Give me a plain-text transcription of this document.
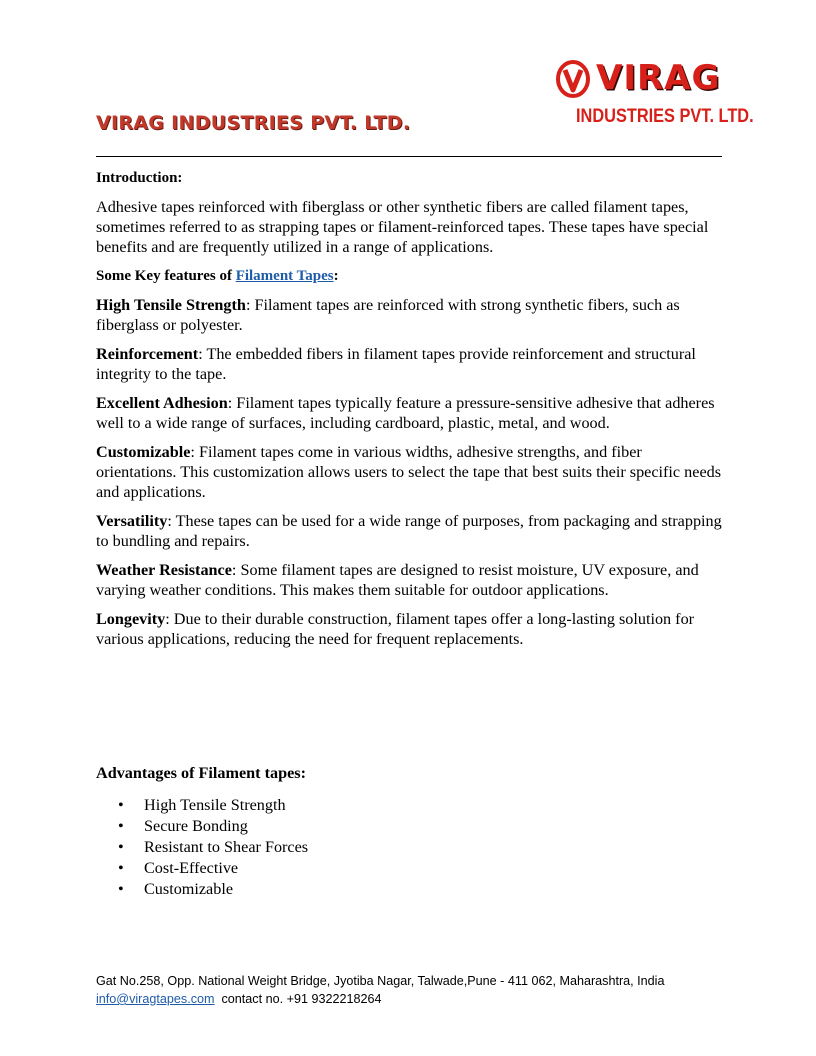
VIRAG INDUSTRIES PVT. LTD.
VIRAG
INDUSTRIES PVT. LTD.

Introduction:

Adhesive tapes reinforced with fiberglass or other synthetic fibers are called filament tapes, sometimes referred to as strapping tapes or filament-reinforced tapes. These tapes have special benefits and are frequently utilized in a range of applications.

Some Key features of Filament Tapes:

High Tensile Strength: Filament tapes are reinforced with strong synthetic fibers, such as fiberglass or polyester.

Reinforcement: The embedded fibers in filament tapes provide reinforcement and structural integrity to the tape.

Excellent Adhesion: Filament tapes typically feature a pressure-sensitive adhesive that adheres well to a wide range of surfaces, including cardboard, plastic, metal, and wood.

Customizable: Filament tapes come in various widths, adhesive strengths, and fiber orientations. This customization allows users to select the tape that best suits their specific needs and applications.

Versatility: These tapes can be used for a wide range of purposes, from packaging and strapping to bundling and repairs.

Weather Resistance: Some filament tapes are designed to resist moisture, UV exposure, and varying weather conditions. This makes them suitable for outdoor applications.

Longevity: Due to their durable construction, filament tapes offer a long-lasting solution for various applications, reducing the need for frequent replacements.

Advantages of Filament tapes:

• High Tensile Strength
• Secure Bonding
• Resistant to Shear Forces
• Cost-Effective
• Customizable
Gat No.258, Opp. National Weight Bridge, Jyotiba Nagar, Talwade,Pune - 411 062, Maharashtra, India
info@viragtapes.com  contact no. +91 9322218264
